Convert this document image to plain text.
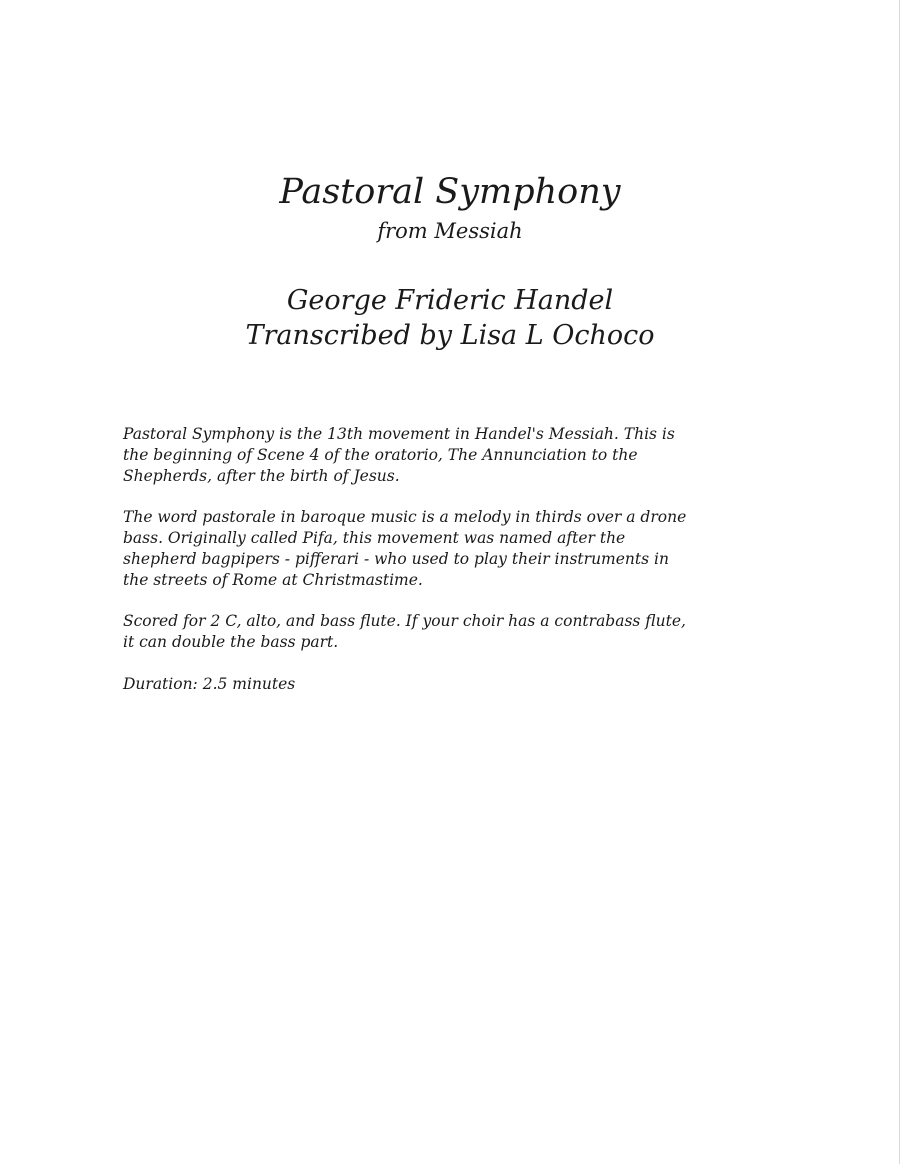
Pastoral Symphony
from Messiah
George Frideric Handel
Transcribed by Lisa L Ochoco

Pastoral Symphony is the 13th movement in Handel's Messiah. This is
the beginning of Scene 4 of the oratorio, The Annunciation to the
Shepherds, after the birth of Jesus.

The word pastorale in baroque music is a melody in thirds over a drone
bass. Originally called Pifa, this movement was named after the
shepherd bagpipers - pifferari - who used to play their instruments in
the streets of Rome at Christmastime.

Scored for 2 C, alto, and bass flute. If your choir has a contrabass flute,
it can double the bass part.

Duration: 2.5 minutes
